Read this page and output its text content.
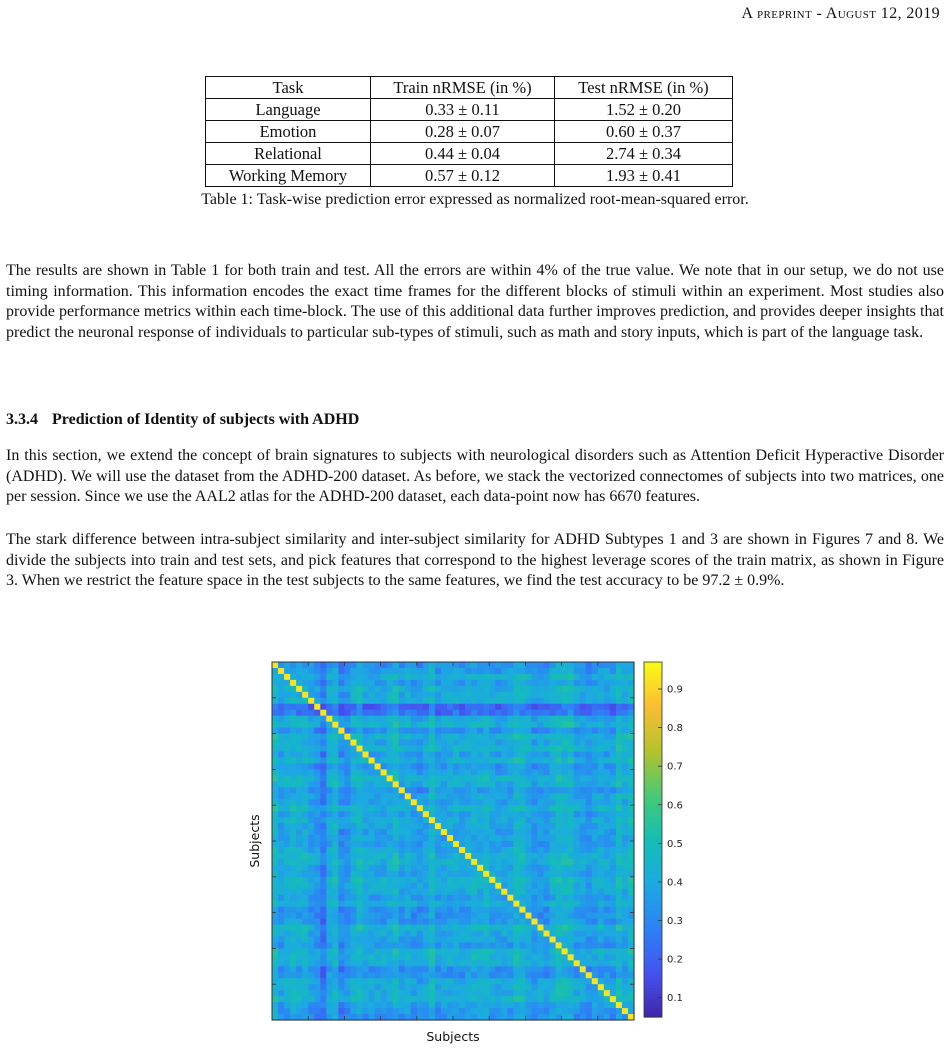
A preprint - August 12, 2019
Task	Train nRMSE (in %)	Test nRMSE (in %)
Language	0.33 ± 0.11	1.52 ± 0.20
Emotion	0.28 ± 0.07	0.60 ± 0.37
Relational	0.44 ± 0.04	2.74 ± 0.34
Working Memory	0.57 ± 0.12	1.93 ± 0.41
Table 1: Task-wise prediction error expressed as normalized root-mean-squared error.

The results are shown in Table 1 for both train and test. All the errors are within 4% of the true value. We note that in our setup, we do not use timing information. This information encodes the exact time frames for the different blocks of stimuli within an experiment. Most studies also provide performance metrics within each time-block. The use of this additional data further improves prediction, and provides deeper insights that predict the neuronal response of individuals to particular sub-types of stimuli, such as math and story inputs, which is part of the language task.

3.3.4 Prediction of Identity of subjects with ADHD

In this section, we extend the concept of brain signatures to subjects with neurological disorders such as Attention Deficit Hyperactive Disorder (ADHD). We will use the dataset from the ADHD-200 dataset. As before, we stack the vectorized connectomes of subjects into two matrices, one per session. Since we use the AAL2 atlas for the ADHD-200 dataset, each data-point now has 6670 features.

The stark difference between intra-subject similarity and inter-subject similarity for ADHD Subtypes 1 and 3 are shown in Figures 7 and 8. We divide the subjects into train and test sets, and pick features that correspond to the highest leverage scores of the train matrix, as shown in Figure 3. When we restrict the feature space in the test subjects to the same features, we find the test accuracy to be 97.2 ± 0.9%.

Subjects
Subjects
0.1
0.2
0.3
0.4
0.5
0.6
0.7
0.8
0.9
